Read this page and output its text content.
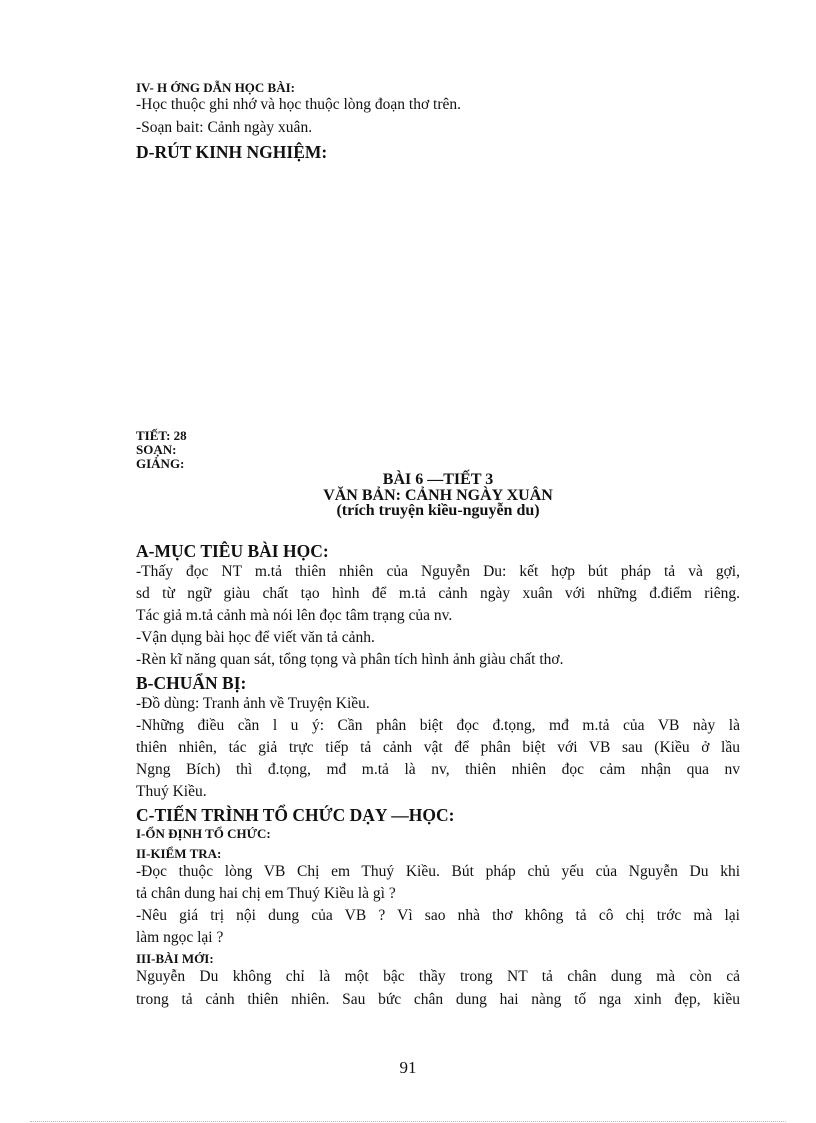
IV- H ỚNG DẪN HỌC BÀI:
-Học thuộc ghi nhớ và học thuộc lòng đoạn thơ trên.
-Soạn bait: Cảnh ngày xuân.
D-RÚT KINH NGHIỆM:
TIẾT: 28
SOẠN:
GIẢNG:
BÀI 6 —TIẾT 3
VĂN BẢN: CẢNH NGÀY XUÂN
(trích truyện kiều-nguyễn du)
A-MỤC TIÊU BÀI HỌC:
-Thấy đọc NT m.tả thiên nhiên của Nguyễn Du: kết hợp bút pháp tả và gợi,
sd từ ngữ giàu chất tạo hình để m.tả cảnh ngày xuân với những đ.điểm riêng.
Tác giả m.tả cảnh mà nói lên đọc tâm trạng của nv.
-Vận dụng bài học để viết văn tả cảnh.
-Rèn kĩ năng quan sát, tổng tọng và phân tích hình ảnh giàu chất thơ.
B-CHUẨN BỊ:
-Đồ dùng: Tranh ảnh về Truyện Kiều.
-Những điều cần l u ý: Cần phân biệt đọc đ.tọng, mđ m.tả của VB này là
thiên nhiên, tác giả trực tiếp tả cảnh vật để phân biệt với VB sau (Kiều ở lầu
Ngng Bích) thì đ.tọng, mđ m.tả là nv, thiên nhiên đọc cảm nhận qua nv
Thuý Kiều.
C-TIẾN TRÌNH TỔ CHỨC DẠY —HỌC:
I-ỔN ĐỊNH TỔ CHỨC:
II-KIỂM TRA:
-Đọc thuộc lòng VB Chị em Thuý Kiều. Bút pháp chủ yếu của Nguyễn Du khi
tả chân dung hai chị em Thuý Kiều là gì ?
-Nêu giá trị nội dung của VB ? Vì sao nhà thơ không tả cô chị trớc mà lại
làm ngọc lại ?
III-BÀI MỚI:
Nguyễn Du không chỉ là một bậc thầy trong NT tả chân dung mà còn cả
trong tả cảnh thiên nhiên. Sau bức chân dung hai nàng tố nga xinh đẹp, kiều
91
